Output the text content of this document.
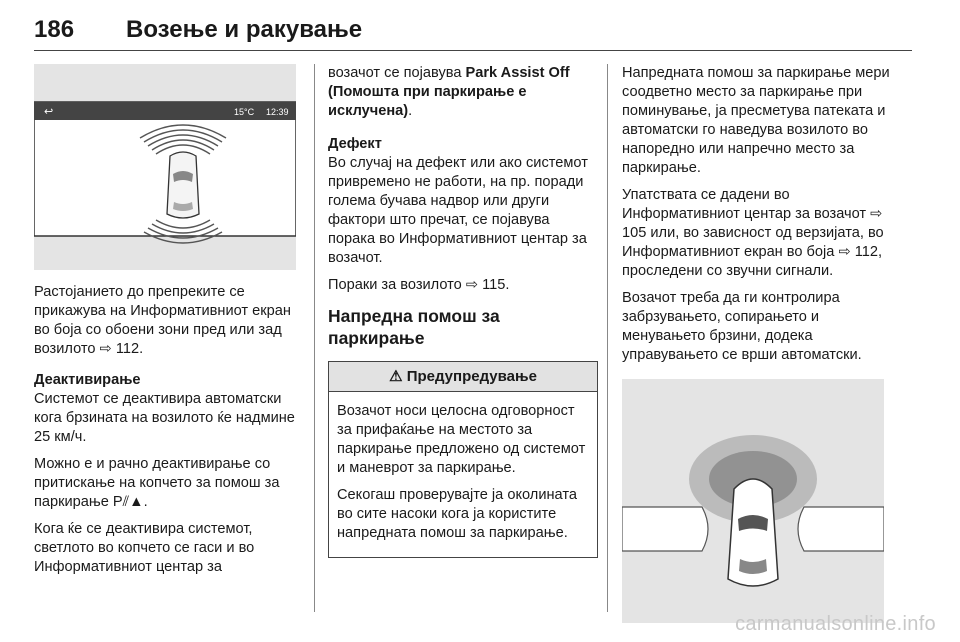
186 Возење и ракување
↩	15°C 12:39

Растојанието до препреките се прикажува на Информативниот екран во боја со обоени зони пред или зад возилото ⇨ 112.

Деактивирање

Системот се деактивира автоматски кога брзината на возилото ќе надмине 25 км/ч.

Можно е и рачно деактивирање со притискање на копчето за помош за паркирање P⫽▲.

Кога ќе се деактивира системот, светлото во копчето се гаси и во Информативниот центар за

возачот се појавува Park Assist Off (Помошта при паркирање е исклучена).

Дефект

Во случај на дефект или ако системот привремено не работи, на пр. поради голема бучава надвор или други фактори што пречат, се појавува порака во Информативниот центар за возачот.

Пораки за возилото ⇨ 115.

Напредна помош за паркирање
⚠ Предупредување

Возачот носи целосна одговорност за прифаќање на местото за паркирање предложено од системот и маневрот за паркирање.

Секогаш проверувајте ја околината во сите насоки кога ја користите напредната помош за паркирање.

Напредната помош за паркирање мери соодветно место за паркирање при поминување, ја пресметува патеката и автоматски го наведува возилото во напоредно или напречно место за паркирање.

Упатствата се дадени во Информативниот центар за возачот ⇨ 105 или, во зависност од верзијата, во Информативниот екран во боја ⇨ 112, проследени со звучни сигнали.

Возачот треба да ги контролира забрзувањето, сопирањето и менувањето брзини, додека управувањето се врши автоматски.

carmanualsonline.info
